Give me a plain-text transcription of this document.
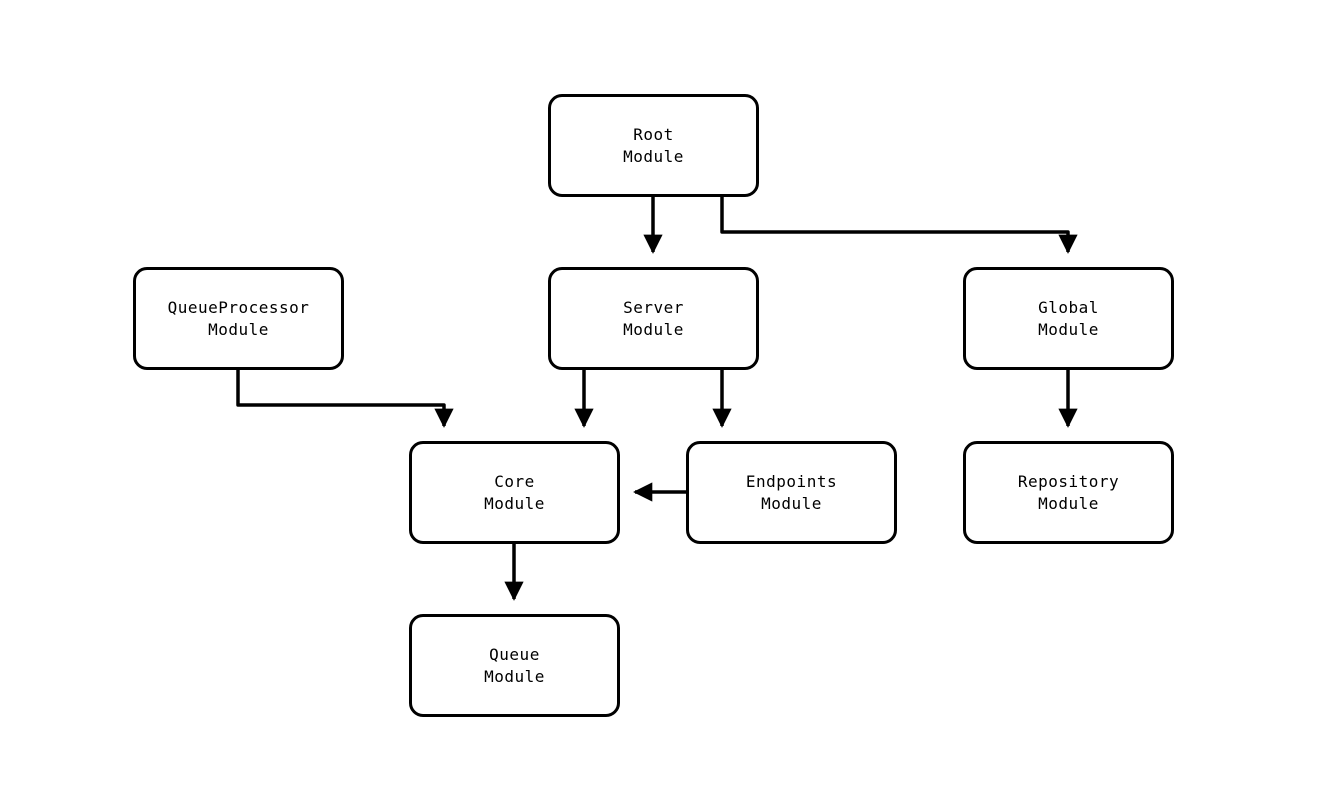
Root
Module
QueueProcessor
Module
Server
Module
Global
Module
Core
Module
Endpoints
Module
Repository
Module
Queue
Module
